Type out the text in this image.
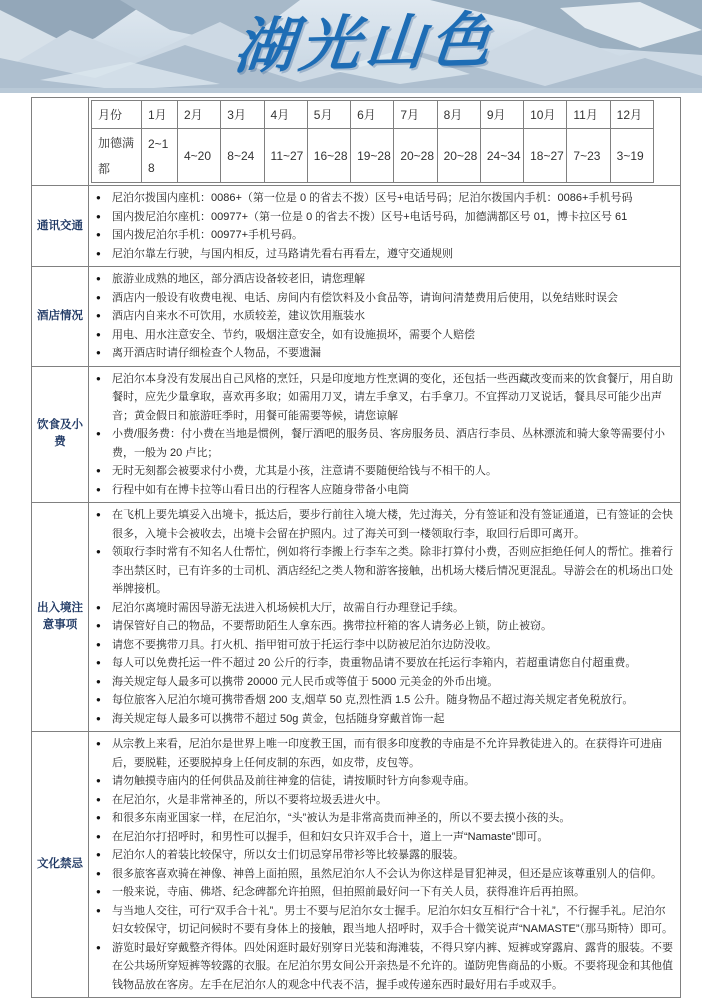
湖光山色

月份	1月	2月	3月	4月	5月	6月	7月	8月	9月	10月	11月	12月
加德满都	2~18	4~20	8~24	11~27	16~28	19~28	20~28	20~28	24~34	18~27	7~23	3~19

通讯交通	
●	尼泊尔拨国内座机：0086+（第一位是 0 的省去不拨）区号+电话号码；尼泊尔拨国内手机：0086+手机号码
●	国内拨尼泊尔座机：00977+（第一位是 0 的省去不拨）区号+电话号码，加德满都区号 01，博卡拉区号 61
●	国内拨尼泊尔手机：00977+手机号码。
●	尼泊尔靠左行驶，与国内相反，过马路请先看右再看左，遵守交通规则

酒店情况	
●	旅游业成熟的地区，部分酒店设备较老旧，请您理解
●	酒店内一般设有收费电视、电话、房间内有偿饮料及小食品等，请询问清楚费用后使用，以免结账时误会
●	酒店内自来水不可饮用，水质较差，建议饮用瓶装水
●	用电、用水注意安全、节约，吸烟注意安全，如有设施损坏，需要个人赔偿
●	离开酒店时请仔细检查个人物品，不要遗漏

饮食及小费	
●	尼泊尔本身没有发展出自己风格的烹饪，只是印度地方性烹调的变化，还包括一些西藏改变而来的饮食餐厅，用自助餐时，应先少量拿取，喜欢再多取；如需用刀叉，请左手拿叉，右手拿刀。不宜挥动刀叉说话，餐具尽可能少出声音；黄金假日和旅游旺季时，用餐可能需要等候，请您谅解
●	小费/服务费：付小费在当地是惯例，餐厅酒吧的服务员、客房服务员、酒店行李员、丛林漂流和骑大象等需要付小费，一般为 20 卢比；
●	无时无刻都会被要求付小费，尤其是小孩，注意请不要随便给钱与不相干的人。
●	行程中如有在博卡拉等山看日出的行程客人应随身带备小电筒

出入境注意事项	
●	在飞机上要先填妥入出境卡，抵达后，要步行前往入境大楼，先过海关，分有签证和没有签证通道，已有签证的会快很多，入境卡会被收去，出境卡会留在护照内。过了海关可到一楼领取行李，取回行后即可离开。
●	领取行李时常有不知名人仕帮忙，例如将行李搬上行李车之类。除非打算付小费，否则应拒绝任何人的帮忙。推着行李出禁区时，已有许多的士司机、酒店经纪之类人物和游客接触，出机场大楼后情况更混乱。导游会在的机场出口处举牌接机。
●	尼泊尔离境时需因导游无法进入机场候机大厅，故需自行办理登记手续。
●	请保管好自己的物品，不要帮助陌生人拿东西。携带拉杆箱的客人请务必上锁，防止被窃。
●	请您不要携带刀具。打火机、指甲钳可放于托运行李中以防被尼泊尔边防没收。
●	每人可以免费托运一件不超过 20 公斤的行李，贵重物品请不要放在托运行李箱内，若超重请您自付超重费。
●	海关规定每人最多可以携带 20000 元人民币或等值于 5000 元美金的外币出境。
●	每位旅客入尼泊尔境可携带香烟 200 支,烟草 50 克,烈性酒 1.5 公升。随身物品不超过海关规定者免税放行。
●	海关规定每人最多可以携带不超过 50g 黄金，包括随身穿戴首饰一起

文化禁忌	
●	从宗教上来看，尼泊尔是世界上唯一印度教王国，而有很多印度教的寺庙是不允许异教徒进入的。在获得许可进庙后，要脱鞋，还要脱掉身上任何皮制的东西，如皮带，皮包等。
●	请勿触摸寺庙内的任何供品及前往神龛的信徒，请按顺时针方向参观寺庙。
●	在尼泊尔，火是非常神圣的，所以不要将垃圾丢进火中。
●	和很多东南亚国家一样，在尼泊尔，“头”被认为是非常高贵而神圣的，所以不要去摸小孩的头。
●	在尼泊尔打招呼时，和男性可以握手，但和妇女只许双手合十，道上一声“Namaste”即可。
●	尼泊尔人的着装比较保守，所以女士们切忌穿吊带衫等比较暴露的服装。
●	很多旅客喜欢骑在神像、神兽上面拍照，虽然尼泊尔人不会认为你这样是冒犯神灵，但还是应该尊重别人的信仰。
●	一般来说，寺庙、佛塔、纪念碑都允许拍照，但拍照前最好问一下有关人员，获得准许后再拍照。
●	与当地人交往，可行“双手合十礼”。男士不要与尼泊尔女士握手。尼泊尔妇女互相行“合十礼”，不行握手礼。尼泊尔妇女较保守，切记问候时不要有身体上的接触，跟当地人招呼时，双手合十微笑说声“NAMASTE”（那马斯特）即可。
●	游览时最好穿戴整齐得体。四处闲逛时最好别穿日光装和海滩装，不得只穿内裤、短裤或穿露肩、露背的服装。不要在公共场所穿短裤等较露的衣服。在尼泊尔男女间公开亲热是不允许的。谨防兜售商品的小贩。不要将现金和其他值钱物品放在客房。左手在尼泊尔人的观念中代表不洁，握手或传递东西时最好用右手或双手。
